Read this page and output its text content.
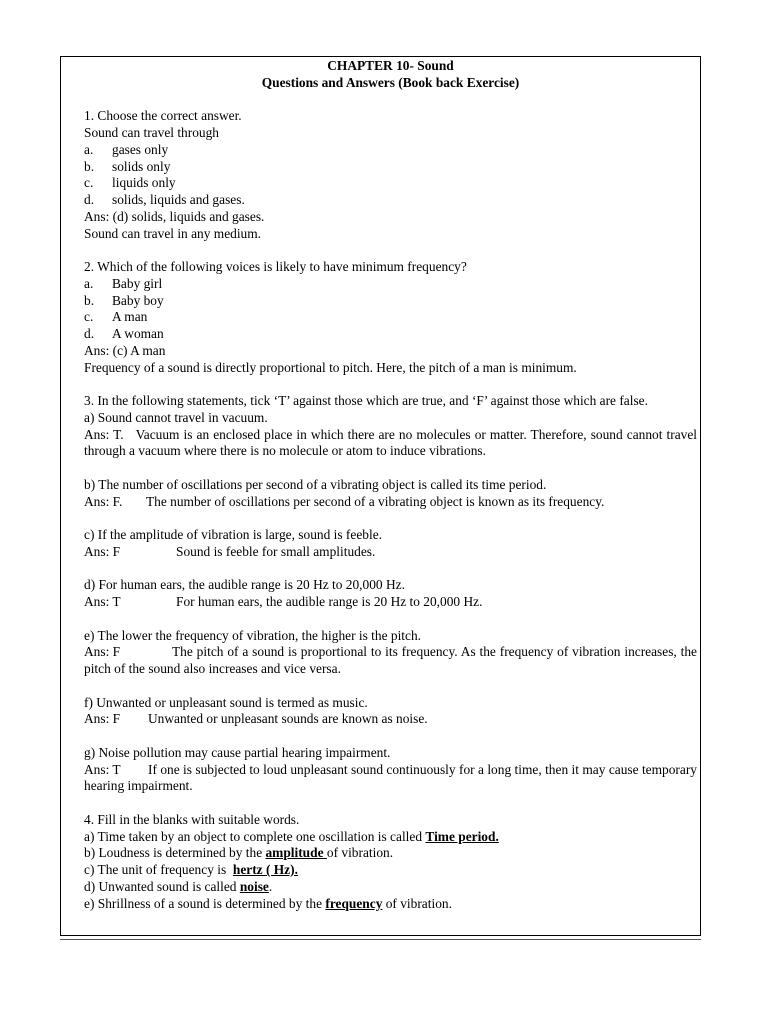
CHAPTER 10- Sound

Questions and Answers (Book back Exercise)

1. Choose the correct answer.

Sound can travel through

a.	gases only
b.	solids only
c.	liquids only
d.	solids, liquids and gases.

Ans: (d) solids, liquids and gases.

Sound can travel in any medium.

2. Which of the following voices is likely to have minimum frequency?

a.	Baby girl
b.	Baby boy
c.	A man
d.	A woman

Ans: (c) A man

Frequency of a sound is directly proportional to pitch. Here, the pitch of a man is minimum.

3. In the following statements, tick ‘T’ against those which are true, and ‘F’ against those which are false.

a) Sound cannot travel in vacuum.

Ans: T. Vacuum is an enclosed place in which there are no molecules or matter. Therefore, sound cannot travel through a vacuum where there is no molecule or atom to induce vibrations.

b) The number of oscillations per second of a vibrating object is called its time period.

Ans: F. The number of oscillations per second of a vibrating object is known as its frequency.

c) If the amplitude of vibration is large, sound is feeble.

Ans: F	Sound is feeble for small amplitudes.

d) For human ears, the audible range is 20 Hz to 20,000 Hz.

Ans: T	For human ears, the audible range is 20 Hz to 20,000 Hz.

e) The lower the frequency of vibration, the higher is the pitch.

Ans: F	The pitch of a sound is proportional to its frequency. As the frequency of vibration increases, the pitch of the sound also increases and vice versa.

f) Unwanted or unpleasant sound is termed as music.

Ans: F Unwanted or unpleasant sounds are known as noise.

g) Noise pollution may cause partial hearing impairment.

Ans: T If one is subjected to loud unpleasant sound continuously for a long time, then it may cause temporary hearing impairment.

4. Fill in the blanks with suitable words.

a) Time taken by an object to complete one oscillation is called Time period.

b) Loudness is determined by the amplitude of vibration.

c) The unit of frequency is  hertz ( Hz).

d) Unwanted sound is called noise.

e) Shrillness of a sound is determined by the frequency of vibration.
